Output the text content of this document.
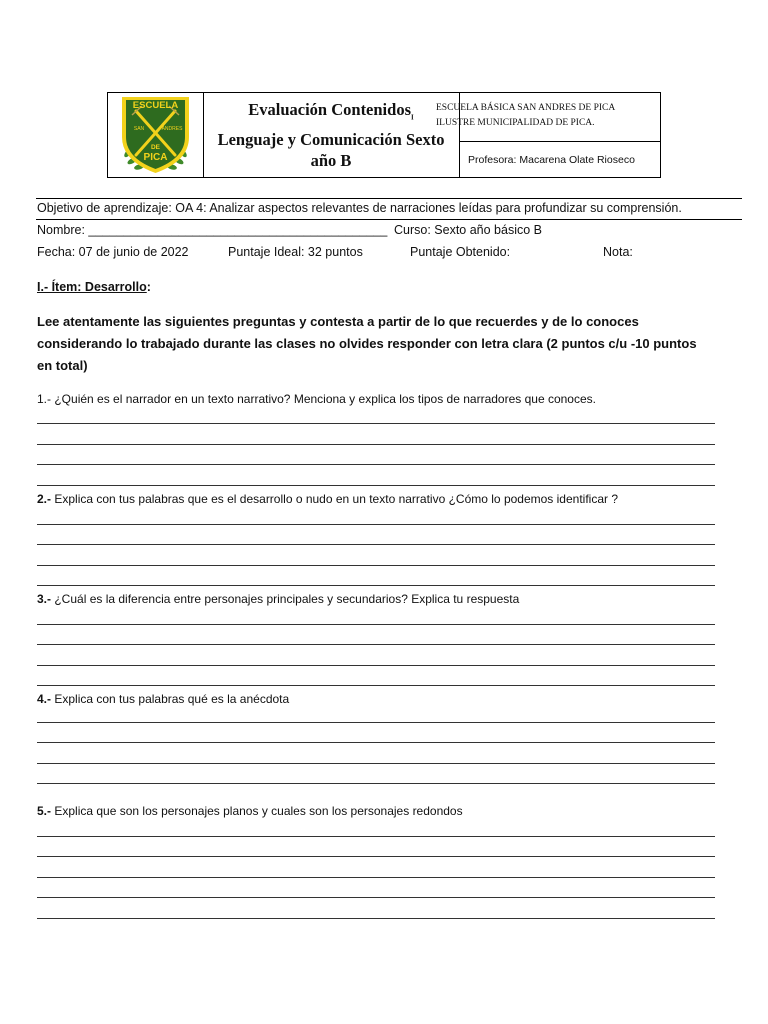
ESCUELA
SAN	ANDRES
DE
PICA
Evaluación Contenidos$_I$
Lenguaje y Comunicación Sexto
año B
ESCUELA BÁSICA SAN ANDRES DE PICA
ILUSTRE MUNICIPALIDAD DE PICA.
Profesora: Macarena Olate Rioseco
Objetivo de aprendizaje: OA 4: Analizar aspectos relevantes de narraciones leídas para profundizar su comprensión.
Nombre: ___________________________________________ Curso: Sexto año básico B
Fecha: 07 de junio de 2022	Puntaje Ideal: 32 puntos	Puntaje Obtenido:	Nota:
I.- Ítem: Desarrollo:
Lee atentamente las siguientes preguntas y contesta a partir de lo que recuerdes y de lo conoces
considerando lo trabajado durante las clases no olvides responder con letra clara (2 puntos c/u -10 puntos
en total)
1.- ¿Quién es el narrador en un texto narrativo? Menciona y explica los tipos de narradores que conoces.
2.- Explica con tus palabras que es el desarrollo o nudo en un texto narrativo ¿Cómo lo podemos identificar ?
3.- ¿Cuál es la diferencia entre personajes principales y secundarios? Explica tu respuesta
4.- Explica con tus palabras qué es la anécdota
5.- Explica que son los personajes planos y cuales son los personajes redondos
